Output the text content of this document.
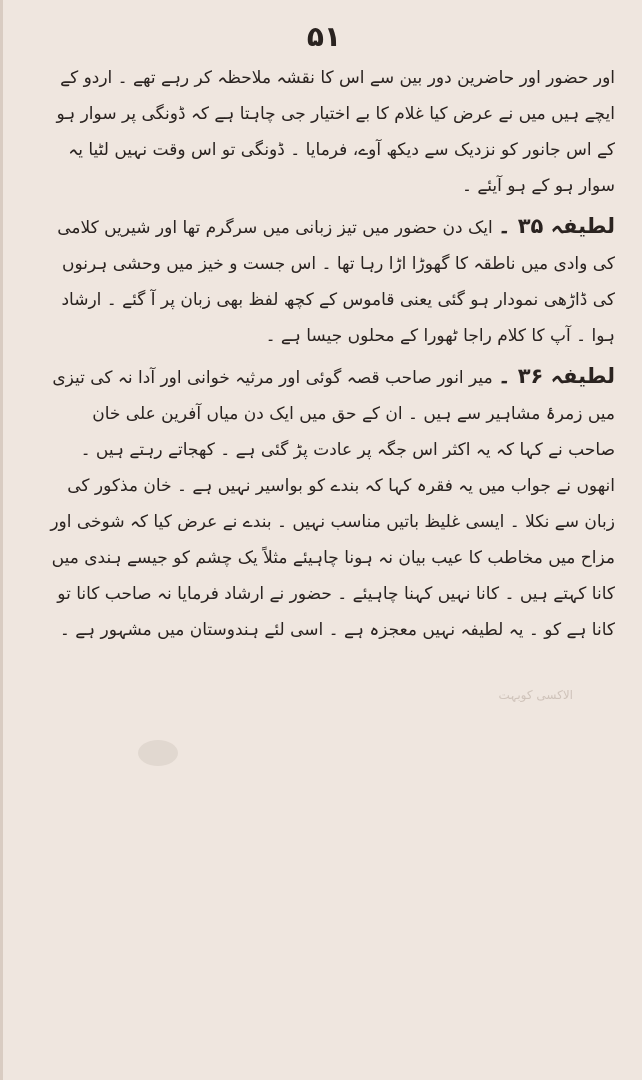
۵۱

اور حضور اور حاضرین دور بین سے اس کا نقشہ ملاحظہ کر رہے تھے ۔ اردو کے ایچے ہیں میں نے عرض کیا غلام کا بے اختیار جی چاہتا ہے کہ ڈونگی پر سوار ہو کے اس جانور کو نزدیک سے دیکھ آوے، فرمایا ۔ ڈونگی تو اس وقت نہیں لٹیا یہ سوار ہو کے ہو آیئے ۔

لطیفہ ۳۵ ۔ ایک دن حضور میں تیز زبانی میں سرگرم تھا اور شیریں کلامی کی وادی میں ناطقہ کا گھوڑا اڑا رہا تھا ۔ اس جست و خیز میں وحشی ہرنوں کی ڈاڑھی نمودار ہو گئی یعنی قاموس کے کچھ لفظ بھی زبان پر آ گئے ۔ ارشاد ہوا ۔ آپ کا کلام راجا ٹھورا کے محلوں جیسا ہے ۔

لطیفہ ۳۶ ۔ میر انور صاحب قصہ گوئی اور مرثیہ خوانی اور آدا نہ کی تیزی میں زمرۂ مشاہیر سے ہیں ۔ ان کے حق میں ایک دن میاں آفرین علی خان صاحب نے کہا کہ یہ اکثر اس جگہ پر عادت پڑ گئی ہے ۔ کھجاتے رہتے ہیں ۔ انھوں نے جواب میں یہ فقرہ کہا کہ بندے کو بواسیر نہیں ہے ۔ خان مذکور کی زبان سے نکلا ۔ ایسی غلیظ باتیں مناسب نہیں ۔ بندے نے عرض کیا کہ شوخی اور مزاح میں مخاطب کا عیب بیان نہ ہونا چاہیئے مثلاً یک چشم کو جیسے ہندی میں کانا کہتے ہیں ۔ کانا نہیں کہنا چاہیئے ۔ حضور نے ارشاد فرمایا نہ صاحب کانا تو کانا ہے کو ۔ یہ لطیفہ نہیں معجزہ ہے ۔ اسی لئے ہندوستان میں مشہور ہے ۔

الاکسی کوبہت
